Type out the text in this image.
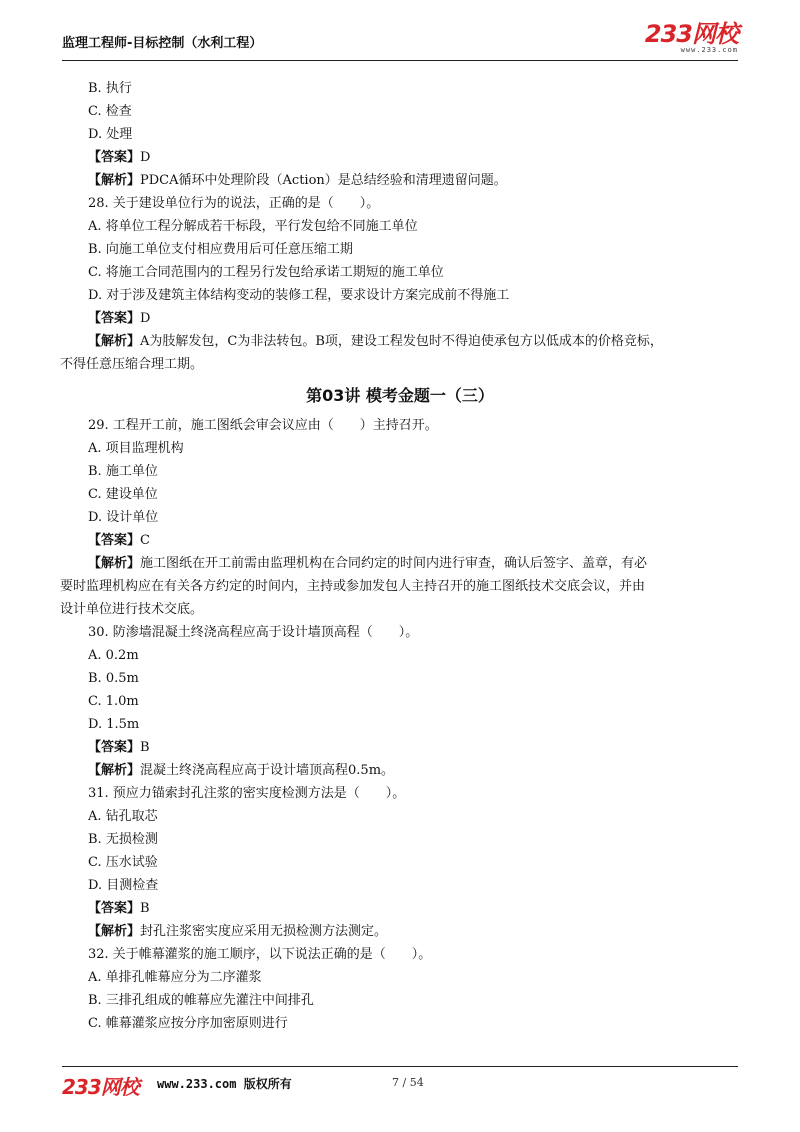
监理工程师-目标控制（水利工程）	233网校
www.233.com
B. 执行
C. 检查
D. 处理
【答案】D
【解析】PDCA循环中处理阶段（Action）是总结经验和清理遗留问题。
28. 关于建设单位行为的说法，正确的是（　　）。
A. 将单位工程分解成若干标段，平行发包给不同施工单位
B. 向施工单位支付相应费用后可任意压缩工期
C. 将施工合同范围内的工程另行发包给承诺工期短的施工单位
D. 对于涉及建筑主体结构变动的装修工程，要求设计方案完成前不得施工
【答案】D
【解析】A为肢解发包，C为非法转包。B项，建设工程发包时不得迫使承包方以低成本的价格竞标，
不得任意压缩合理工期。
第03讲 模考金题一（三）
29. 工程开工前，施工图纸会审会议应由（　　）主持召开。
A. 项目监理机构
B. 施工单位
C. 建设单位
D. 设计单位
【答案】C
【解析】施工图纸在开工前需由监理机构在合同约定的时间内进行审查，确认后签字、盖章，有必
要时监理机构应在有关各方约定的时间内，主持或参加发包人主持召开的施工图纸技术交底会议，并由
设计单位进行技术交底。
30. 防渗墙混凝土终浇高程应高于设计墙顶高程（　　）。
A. 0.2m
B. 0.5m
C. 1.0m
D. 1.5m
【答案】B
【解析】混凝土终浇高程应高于设计墙顶高程0.5m。
31. 预应力锚索封孔注浆的密实度检测方法是（　　）。
A. 钻孔取芯
B. 无损检测
C. 压水试验
D. 目测检查
【答案】B
【解析】封孔注浆密实度应采用无损检测方法测定。
32. 关于帷幕灌浆的施工顺序，以下说法正确的是（　　）。
A. 单排孔帷幕应分为二序灌浆
B. 三排孔组成的帷幕应先灌注中间排孔
C. 帷幕灌浆应按分序加密原则进行
233网校 www.233.com 版权所有	7 / 54
